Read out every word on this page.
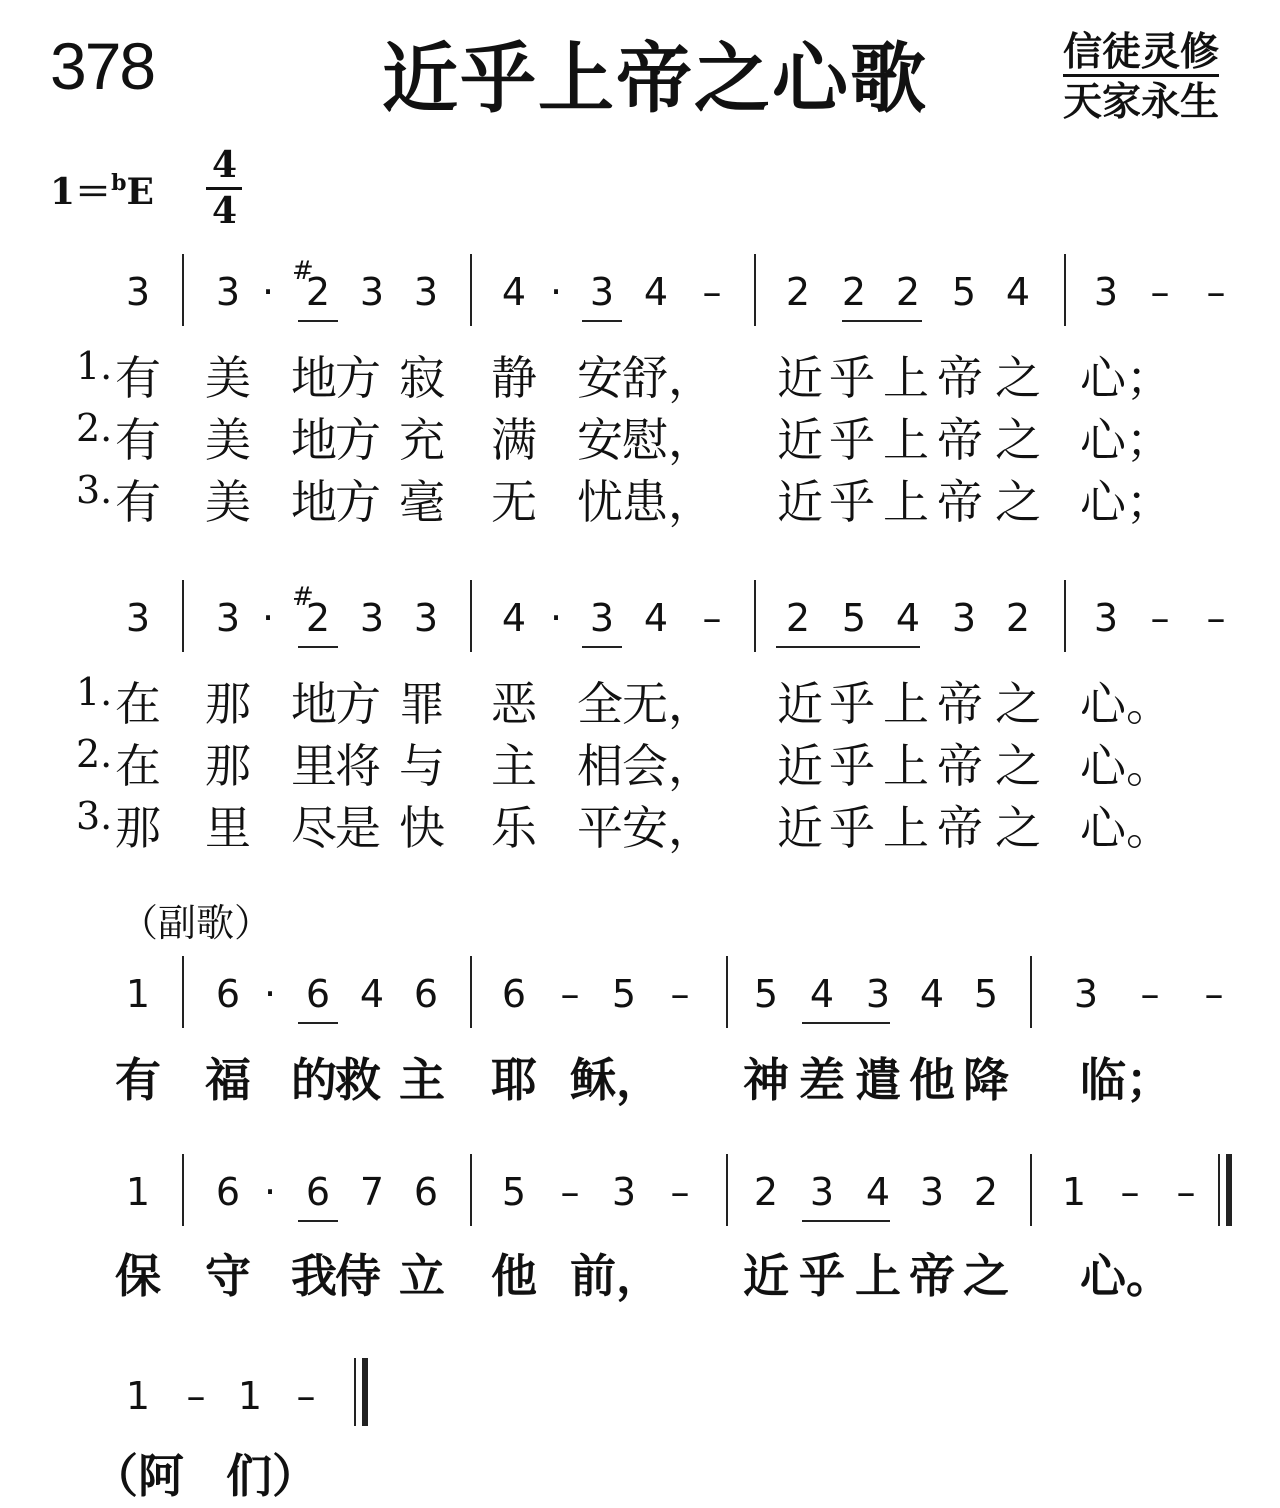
378	近乎上帝之心歌	信徒灵修
天家永生
1＝$^b$E
4
4
（副歌）
3 3 · 2
# 3 3 4 · 3 4 – 2 2 2 5 4 3 – –
1. 有 美 地
方 寂 静 安 舒， 近 乎 上 帝 之 心；
2. 有 美 地
方 充 满 安 慰， 近 乎 上 帝 之 心；
3. 有 美 地
方 毫 无 忧 患， 近 乎 上 帝 之 心；
3 3 · 2
# 3 3 4 · 3 4 – 2 5 4 3 2 3 – –
1. 在 那 地
方 罪 恶 全 无， 近 乎 上 帝 之 心。
2. 在 那 里
将 与 主 相 会， 近 乎 上 帝 之 心。
3. 那 里 尽
是 快 乐 平 安， 近 乎 上 帝 之 心。
1 6 · 6 4 6 6 – 5 – 5 4 3 4 5 3 – –
有 福 的
救 主 耶 稣， 神 差 遣 他 降 临；
1 6 · 6 7 6 5 – 3 – 2 3 4 3 2 1 – –
保 守 我
侍 立 他 前， 近 乎 上 帝 之 心。
1 – 1 –
（阿 们）
